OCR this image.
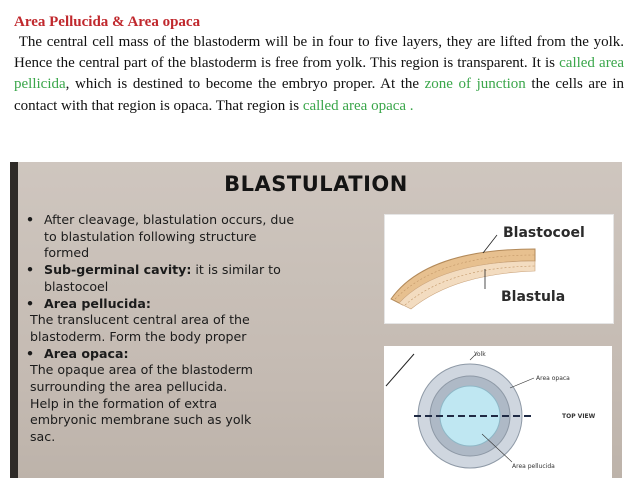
Area Pellucida & Area opaca

The central cell mass of the blastoderm will be in four to five layers, they are lifted from the yolk. Hence the central part of the blastoderm is free from yolk. This region is transparent. It is called area pellicida, which is destined to become the embryo proper. At the zone of junction the cells are in contact with that region is opaca. That region is called area opaca .

BLASTULATION
• After cleavage, blastulation occurs, due
to blastulation following structure
formed
• Sub-germinal cavity: it is similar to
blastocoel
• Area pellucida:
The translucent central area of the
blastoderm. Form the body proper
• Area opaca:
The opaque area of the blastoderm
surrounding the area pellucida.
Help in the formation of extra
embryonic membrane such as yolk
sac.
Blastocoel
Blastula
Yolk
Area opaca
TOP VIEW
Area pellucida
